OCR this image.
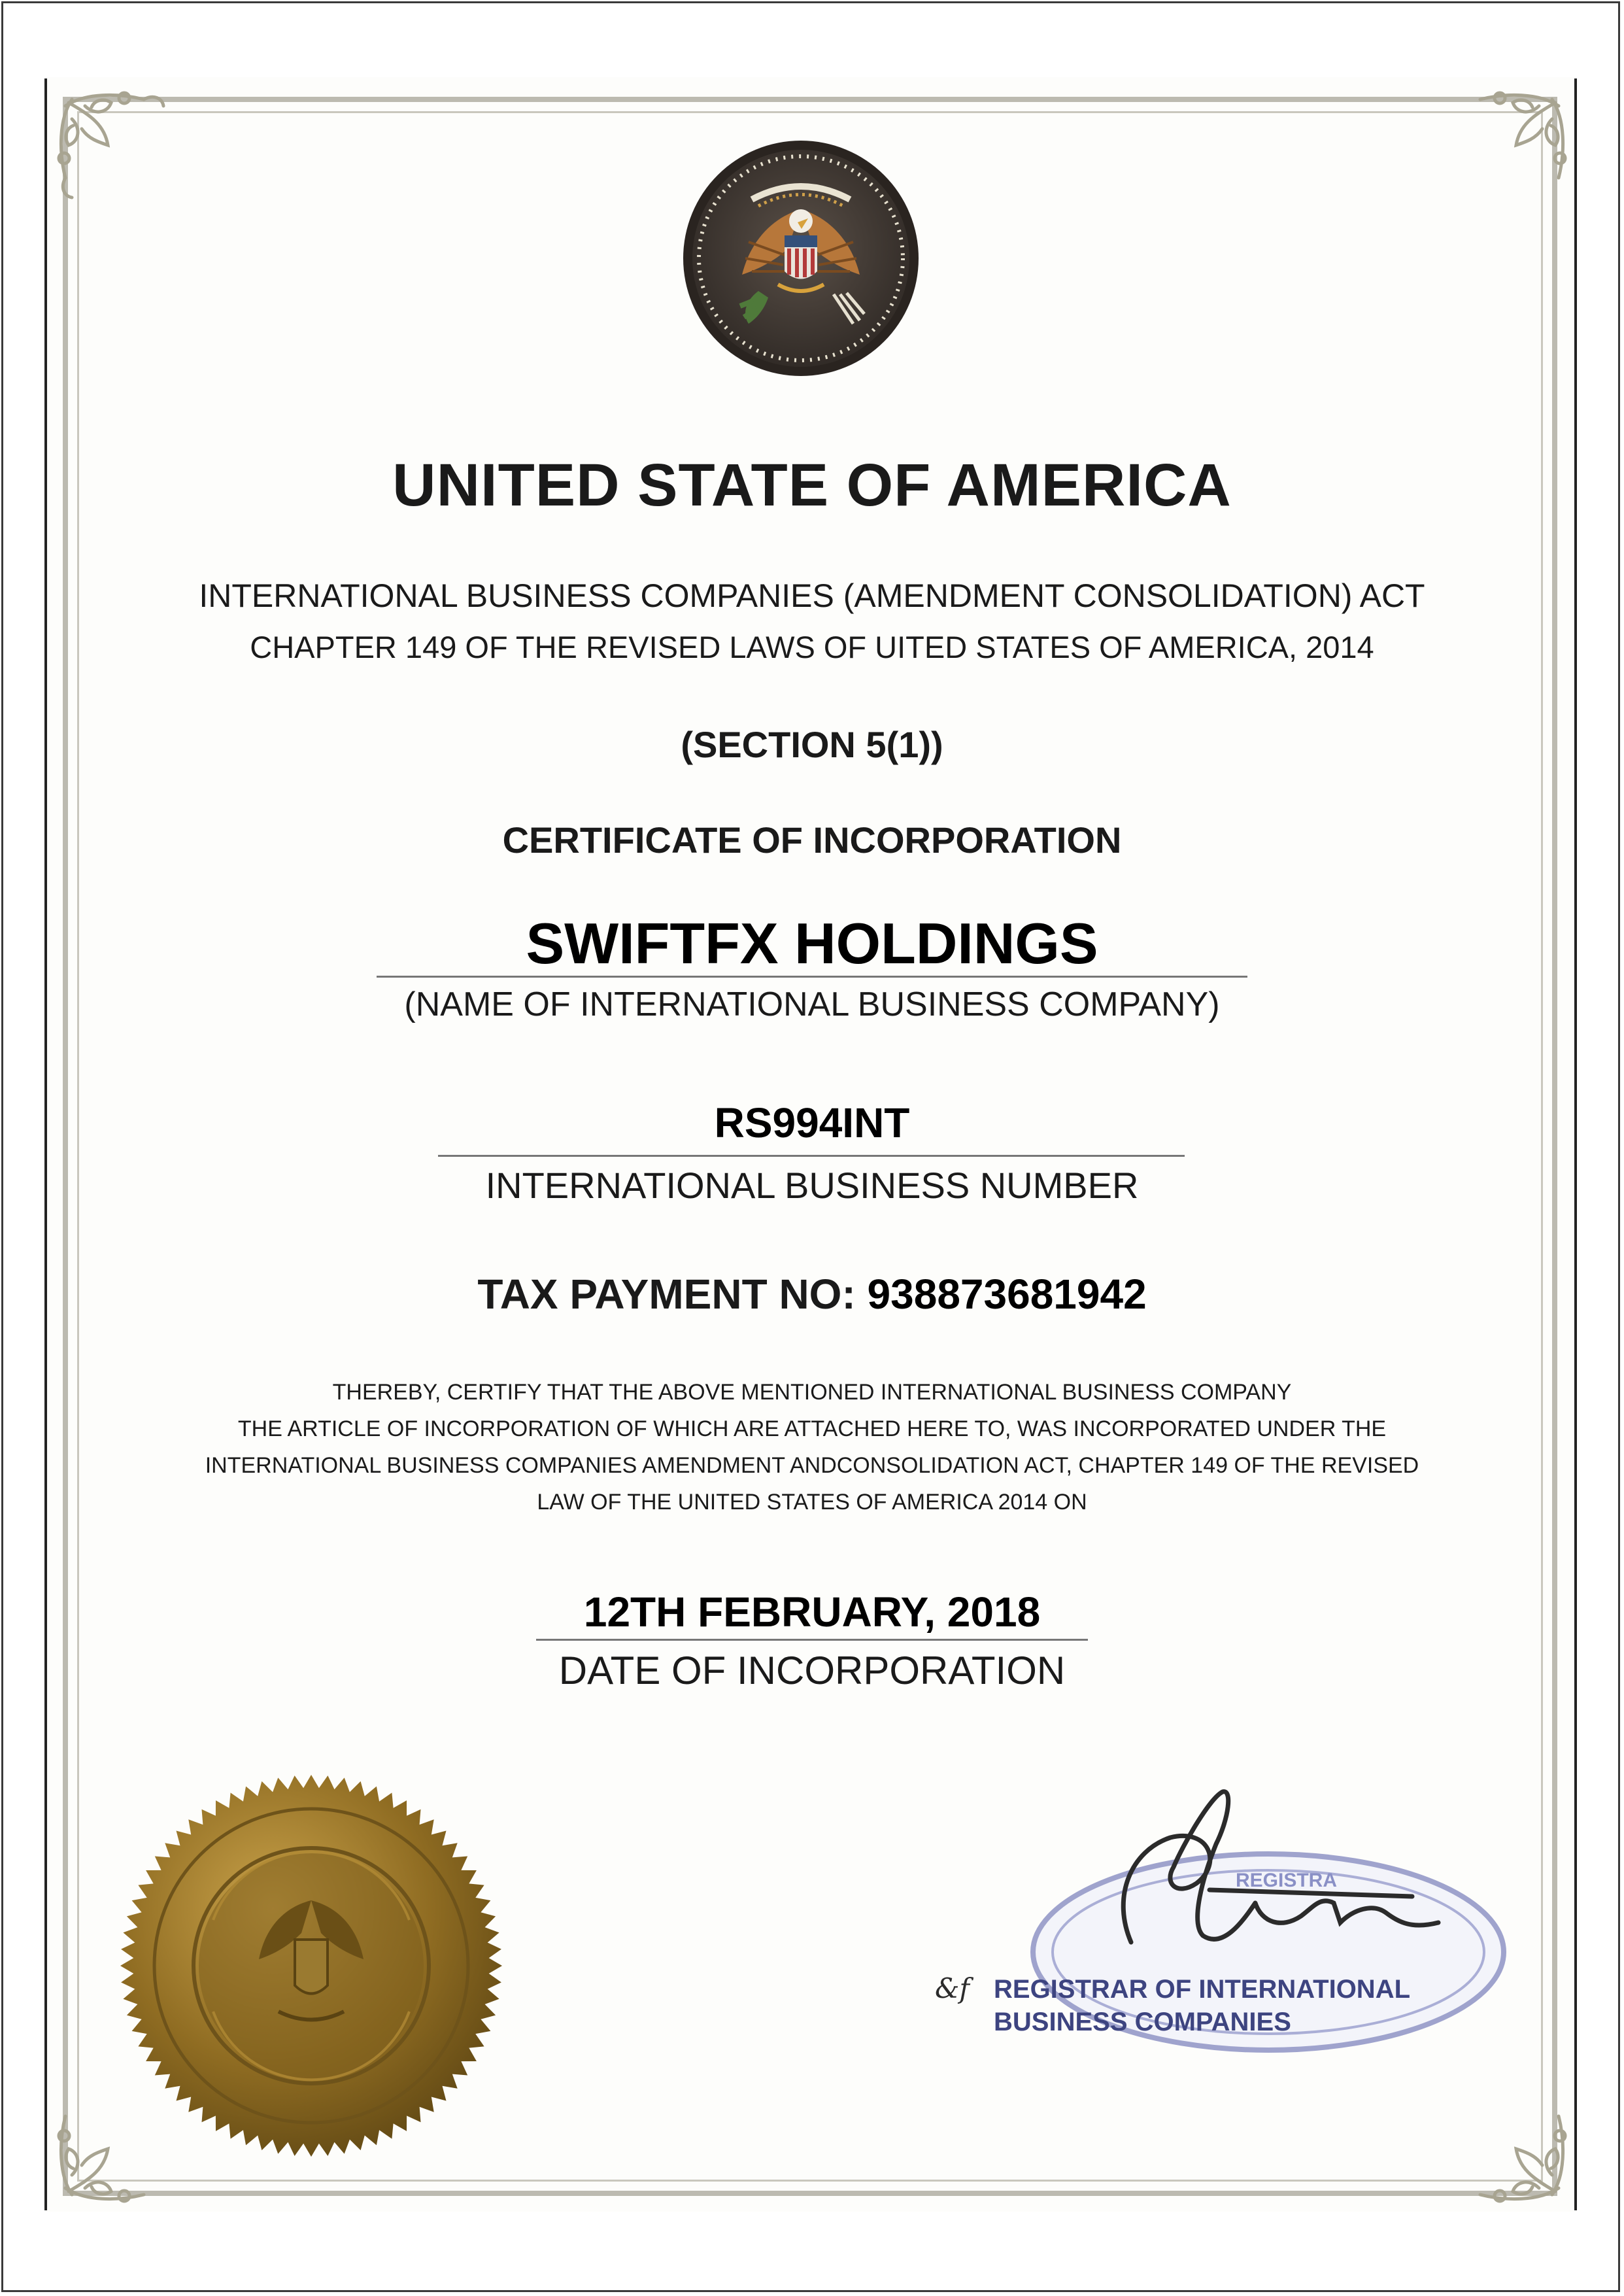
UNITED STATE OF AMERICA
INTERNATIONAL BUSINESS COMPANIES (AMENDMENT CONSOLIDATION) ACT
CHAPTER 149 OF THE REVISED LAWS OF UITED STATES OF AMERICA, 2014
(SECTION 5(1))
CERTIFICATE OF INCORPORATION
SWIFTFX HOLDINGS
(NAME OF INTERNATIONAL BUSINESS COMPANY)
RS994INT
INTERNATIONAL BUSINESS NUMBER
TAX PAYMENT NO: 938873681942
THEREBY, CERTIFY THAT THE ABOVE MENTIONED INTERNATIONAL BUSINESS COMPANY
THE ARTICLE OF INCORPORATION OF WHICH ARE ATTACHED HERE TO, WAS INCORPORATED UNDER THE
INTERNATIONAL BUSINESS COMPANIES AMENDMENT ANDCONSOLIDATION ACT, CHAPTER 149 OF THE REVISED
LAW OF THE UNITED STATES OF AMERICA 2014 ON
12TH FEBRUARY, 2018
DATE OF INCORPORATION
REGISTRA
&f REGISTRAR OF INTERNATIONAL
BUSINESS COMPANIES
